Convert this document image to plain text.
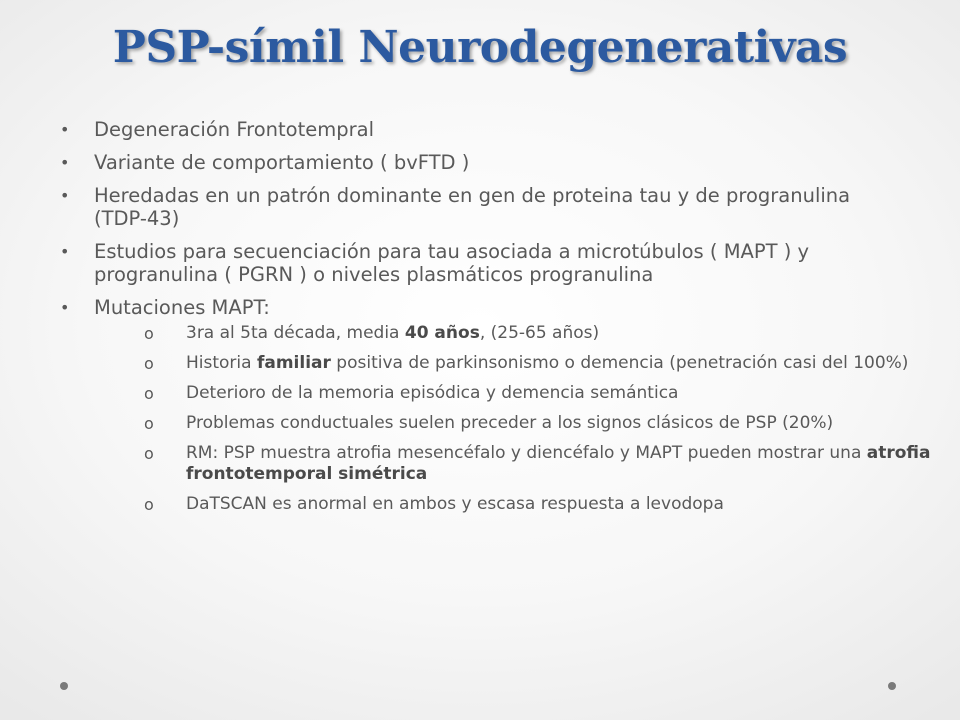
PSP-símil Neurodegenerativas
• Degeneración Frontotempral
• Variante de comportamiento ( bvFTD )
• Heredadas en un patrón dominante en gen de proteina tau y de progranulina (TDP-43)
• Estudios para secuenciación para tau asociada a microtúbulos ( MAPT ) y progranulina ( PGRN ) o niveles plasmáticos progranulina
• Mutaciones MAPT:
o 3ra al 5ta década, media 40 años, (25-65 años)
o Historia familiar positiva de parkinsonismo o demencia (penetración casi del 100%)
o Deterioro de la memoria episódica y demencia semántica
o Problemas conductuales suelen preceder a los signos clásicos de PSP (20%)
o RM: PSP muestra atrofia mesencéfalo y diencéfalo y MAPT pueden mostrar una atrofia frontotemporal simétrica
o DaTSCAN es anormal en ambos y escasa respuesta a levodopa
